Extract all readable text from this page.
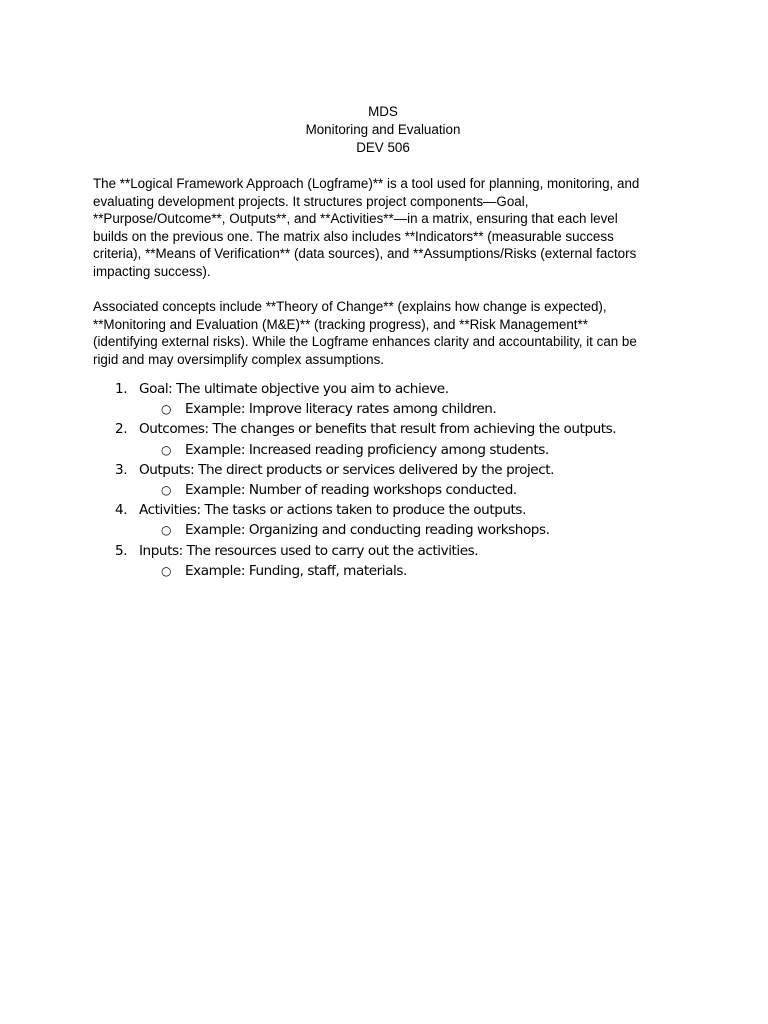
MDS
Monitoring and Evaluation
DEV 506
The **Logical Framework Approach (Logframe)** is a tool used for planning, monitoring, and
evaluating development projects. It structures project components—Goal,
**Purpose/Outcome**, Outputs**, and **Activities**—in a matrix, ensuring that each level
builds on the previous one. The matrix also includes **Indicators** (measurable success
criteria), **Means of Verification** (data sources), and **Assumptions/Risks (external factors
impacting success).
Associated concepts include **Theory of Change** (explains how change is expected),
**Monitoring and Evaluation (M&E)** (tracking progress), and **Risk Management**
(identifying external risks). While the Logframe enhances clarity and accountability, it can be
rigid and may oversimplify complex assumptions.
1. Goal: The ultimate objective you aim to achieve.
○ Example: Improve literacy rates among children.
2. Outcomes: The changes or benefits that result from achieving the outputs.
○ Example: Increased reading proficiency among students.
3. Outputs: The direct products or services delivered by the project.
○ Example: Number of reading workshops conducted.
4. Activities: The tasks or actions taken to produce the outputs.
○ Example: Organizing and conducting reading workshops.
5. Inputs: The resources used to carry out the activities.
○ Example: Funding, staff, materials.
